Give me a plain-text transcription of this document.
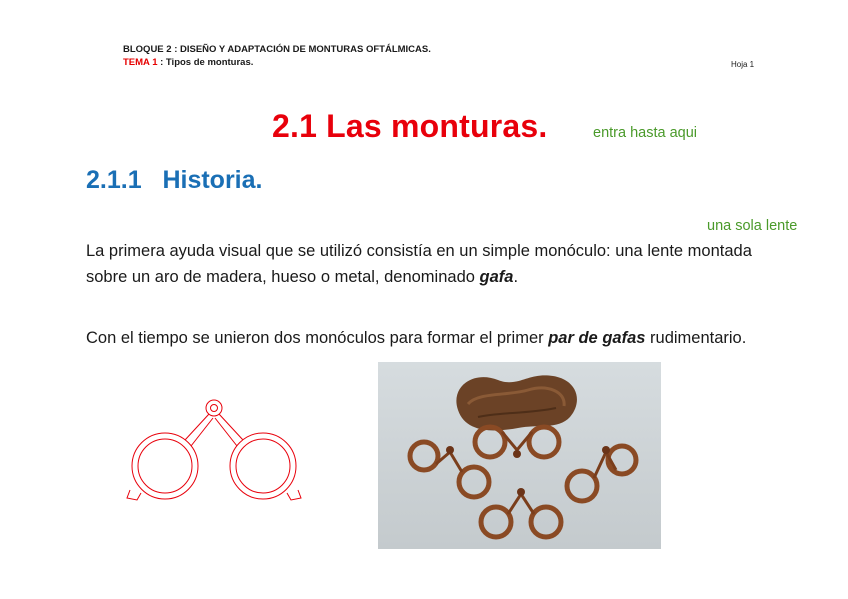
BLOQUE 2 : DISEÑO Y ADAPTACIÓN DE MONTURAS OFTÁLMICAS.
TEMA 1 : Tipos de monturas.	Hoja 1
2.1 Las monturas.	entra hasta aqui
2.1.1   Historia.
una sola lente
La primera ayuda visual que se utilizó consistía en un simple monóculo: una lente montada sobre un aro de madera, hueso o metal, denominado gafa.
Con el tiempo se unieron dos monóculos para formar el primer par de gafas rudimentario.
